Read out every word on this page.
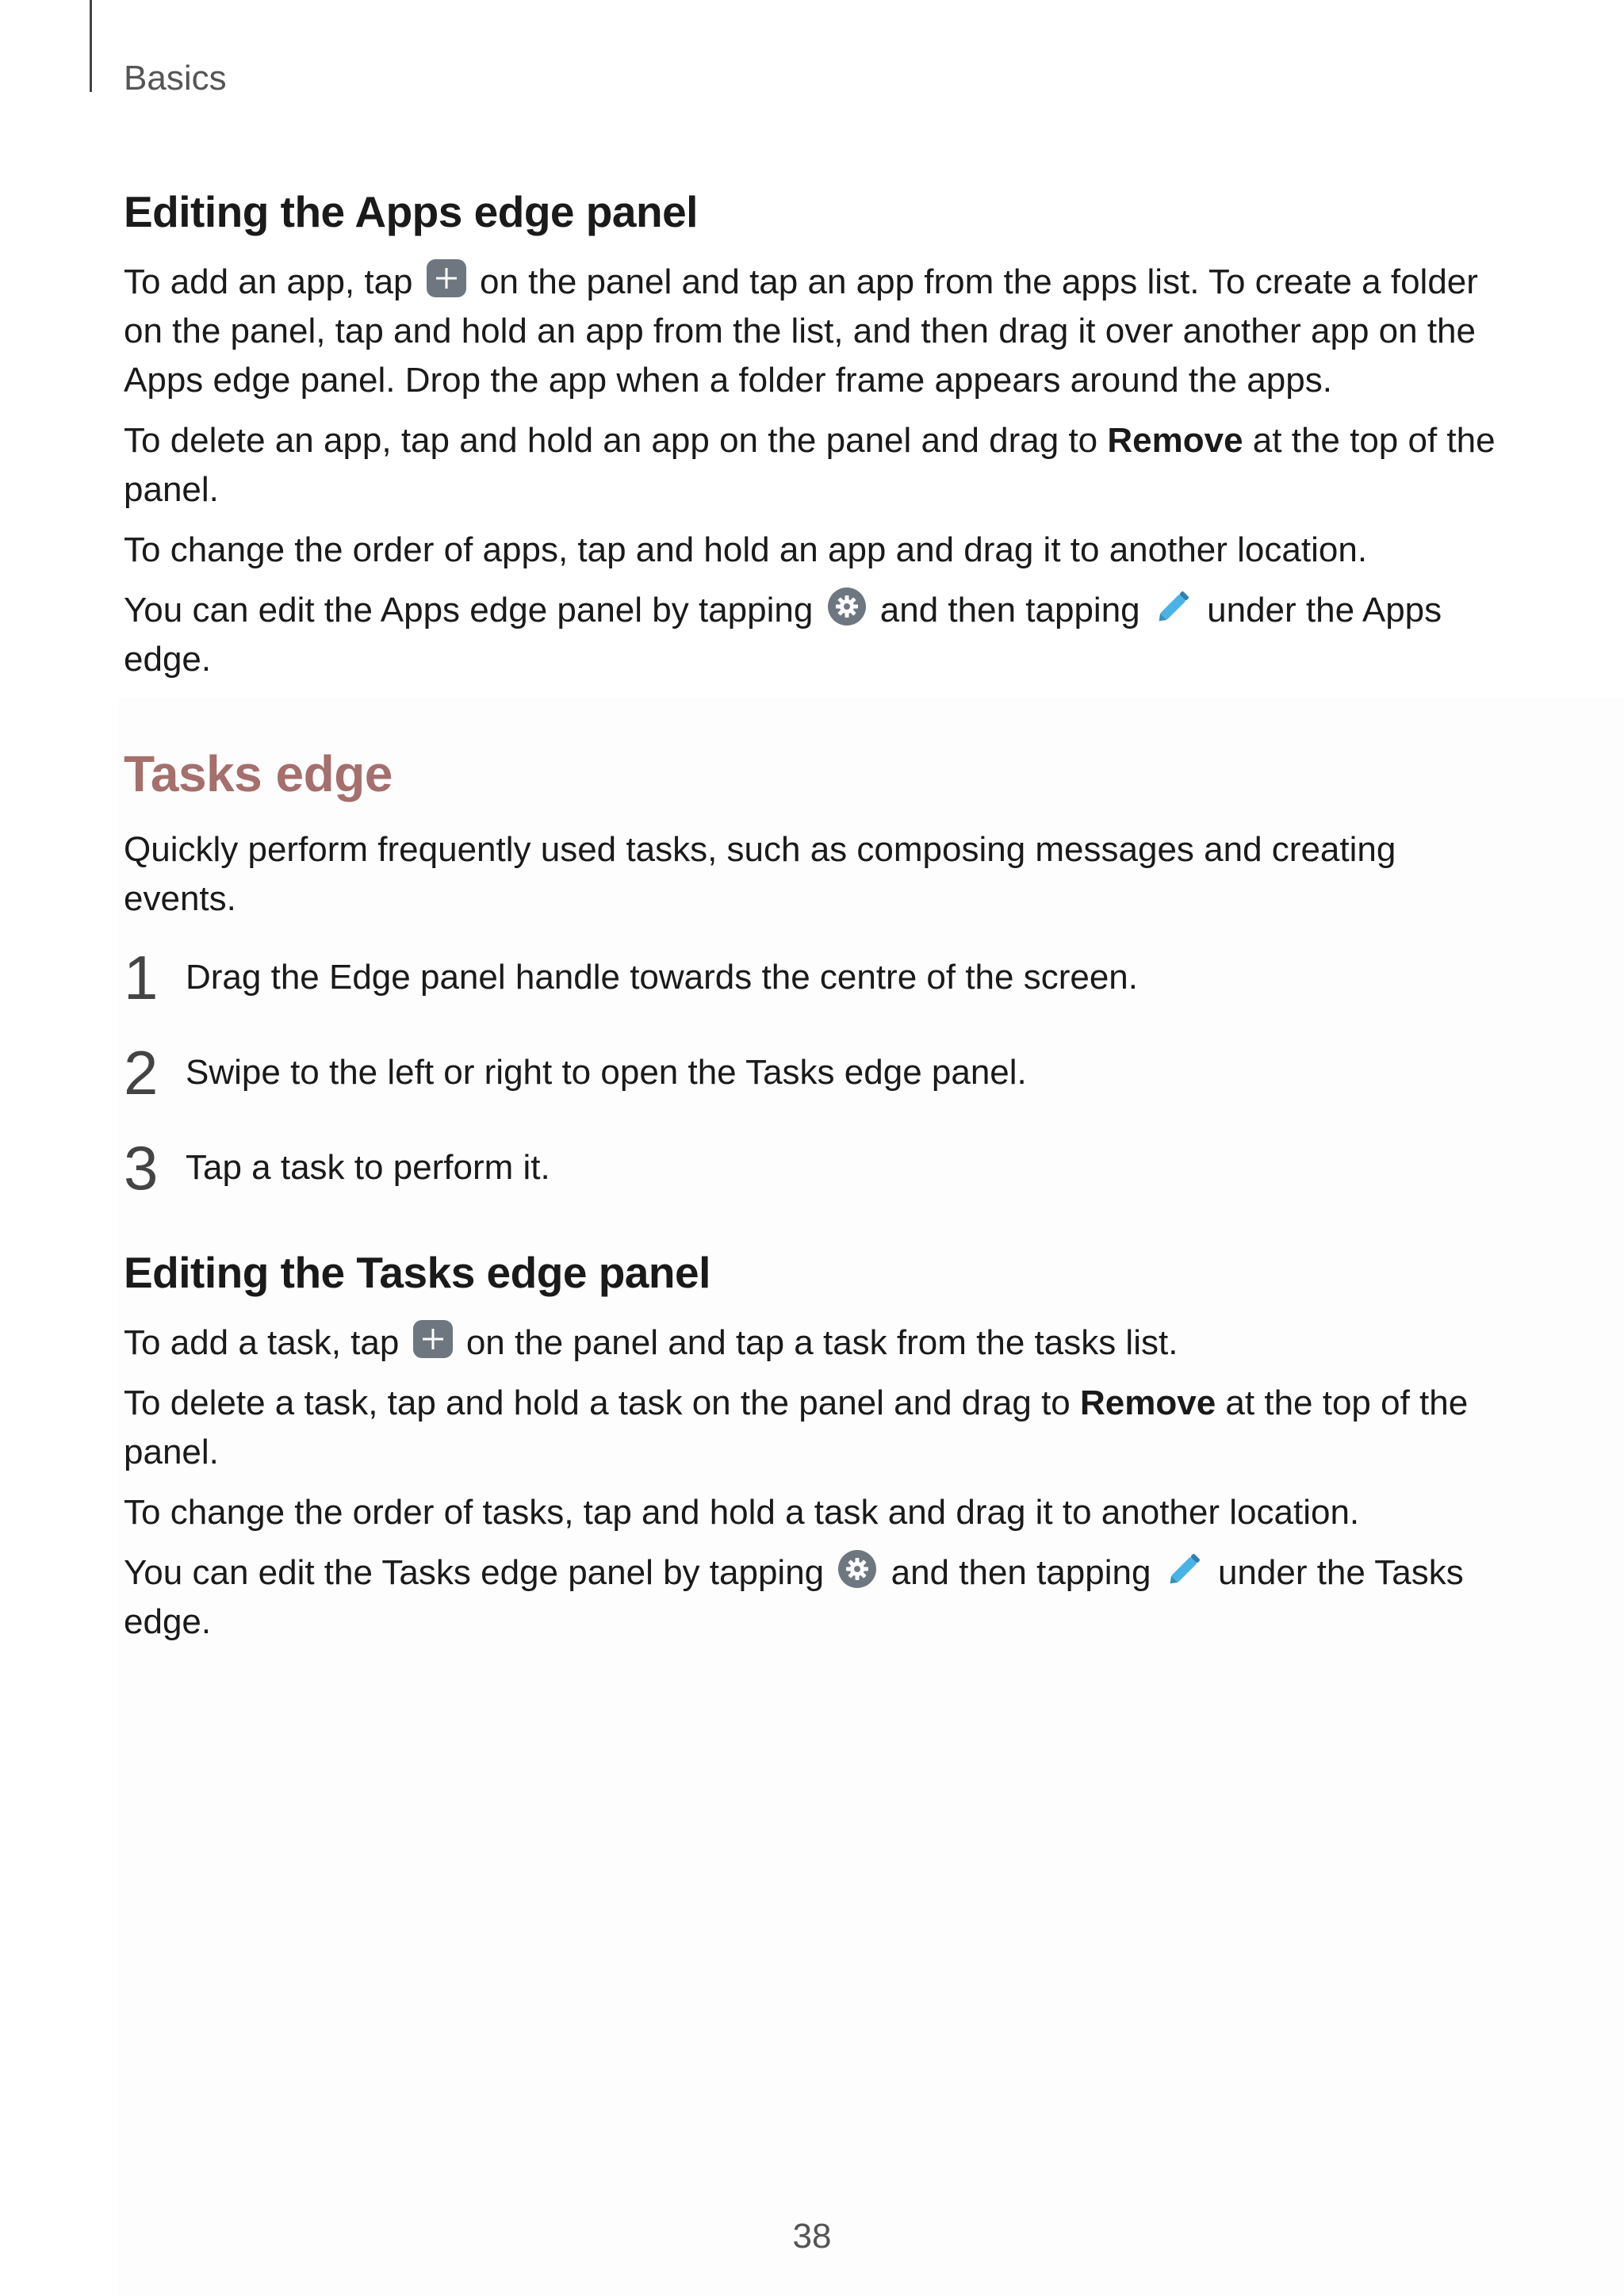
Basics
Editing the Apps edge panel

To add an app, tap on the panel and tap an app from the apps list. To create a folder on the panel, tap and hold an app from the list, and then drag it over another app on the Apps edge panel. Drop the app when a folder frame appears around the apps.

To delete an app, tap and hold an app on the panel and drag to Remove at the top of the panel.

To change the order of apps, tap and hold an app and drag it to another location.

You can edit the Apps edge panel by tapping and then tapping under the Apps edge.

Tasks edge

Quickly perform frequently used tasks, such as composing messages and creating events.

1 Drag the Edge panel handle towards the centre of the screen.
2 Swipe to the left or right to open the Tasks edge panel.
3 Tap a task to perform it.
Editing the Tasks edge panel

To add a task, tap on the panel and tap a task from the tasks list.

To delete a task, tap and hold a task on the panel and drag to Remove at the top of the panel.

To change the order of tasks, tap and hold a task and drag it to another location.

You can edit the Tasks edge panel by tapping and then tapping under the Tasks edge.

38
